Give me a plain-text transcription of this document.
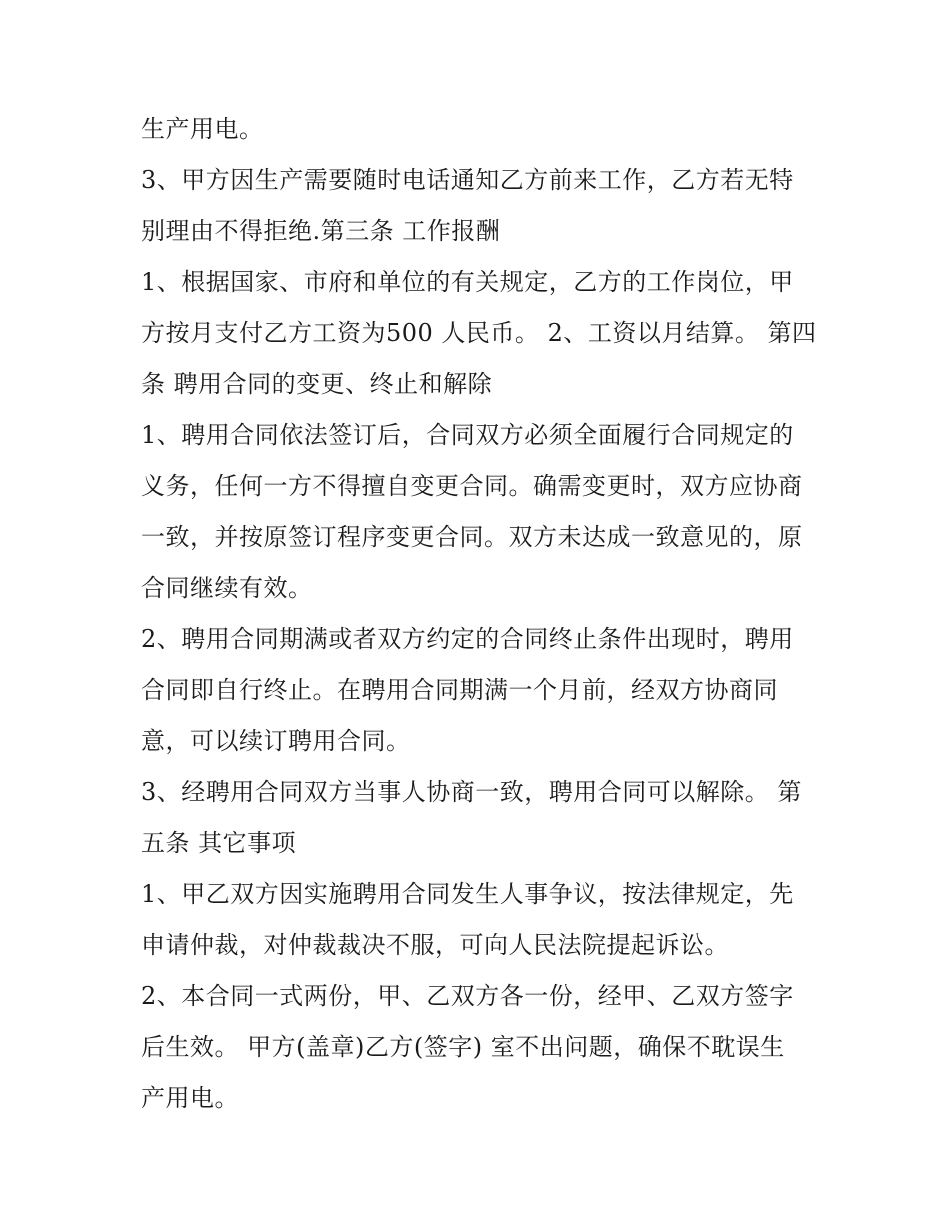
生产用电。
3、甲方因生产需要随时电话通知乙方前来工作，乙方若无特
别理由不得拒绝.第三条 工作报酬
1、根据国家、市府和单位的有关规定，乙方的工作岗位，甲
方按月支付乙方工资为500 人民币。 2、工资以月结算。 第四
条 聘用合同的变更、终止和解除
1、聘用合同依法签订后，合同双方必须全面履行合同规定的
义务，任何一方不得擅自变更合同。确需变更时，双方应协商
一致，并按原签订程序变更合同。双方未达成一致意见的，原
合同继续有效。
2、聘用合同期满或者双方约定的合同终止条件出现时，聘用
合同即自行终止。在聘用合同期满一个月前，经双方协商同
意，可以续订聘用合同。
3、经聘用合同双方当事人协商一致，聘用合同可以解除。 第
五条 其它事项
1、甲乙双方因实施聘用合同发生人事争议，按法律规定，先
申请仲裁，对仲裁裁决不服，可向人民法院提起诉讼。
2、本合同一式两份，甲、乙双方各一份，经甲、乙双方签字
后生效。 甲方(盖章)乙方(签字) 室不出问题，确保不耽误生
产用电。
